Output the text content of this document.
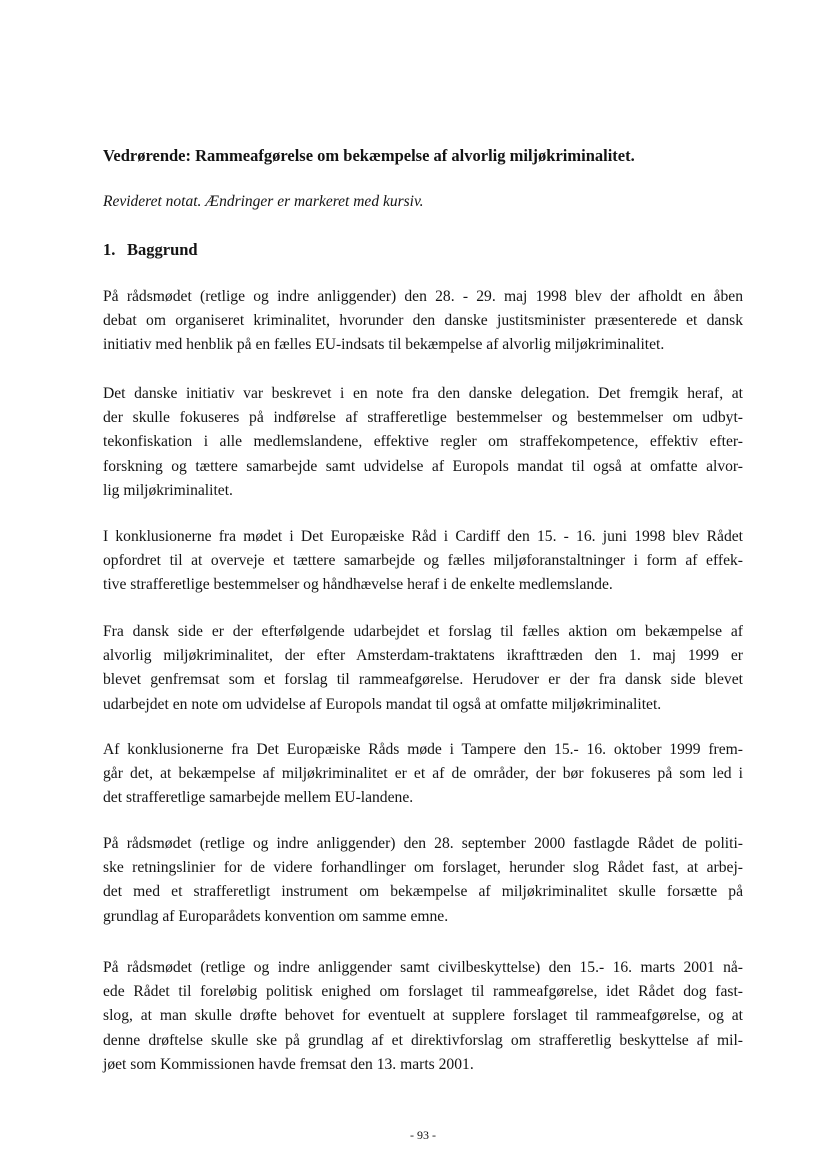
Vedrørende: Rammeafgørelse om bekæmpelse af alvorlig miljøkriminalitet.

Revideret notat. Ændringer er markeret med kursiv.

1. Baggrund

På rådsmødet (retlige og indre anliggender) den 28. - 29. maj 1998 blev der afholdt en åben
debat om organiseret kriminalitet, hvorunder den danske justitsminister præsenterede et dansk
initiativ med henblik på en fælles EU-indsats til bekæmpelse af alvorlig miljøkriminalitet.

Det danske initiativ var beskrevet i en note fra den danske delegation. Det fremgik heraf, at
der skulle fokuseres på indførelse af strafferetlige bestemmelser og bestemmelser om udbyt-
tekonfiskation i alle medlemslandene, effektive regler om straffekompetence, effektiv efter-
forskning og tættere samarbejde samt udvidelse af Europols mandat til også at omfatte alvor-
lig miljøkriminalitet.

I konklusionerne fra mødet i Det Europæiske Råd i Cardiff den 15. - 16. juni 1998 blev Rådet
opfordret til at overveje et tættere samarbejde og fælles miljøforanstaltninger i form af effek-
tive strafferetlige bestemmelser og håndhævelse heraf i de enkelte medlemslande.

Fra dansk side er der efterfølgende udarbejdet et forslag til fælles aktion om bekæmpelse af
alvorlig miljøkriminalitet, der efter Amsterdam-traktatens ikrafttræden den 1. maj 1999 er
blevet genfremsat som et forslag til rammeafgørelse. Herudover er der fra dansk side blevet
udarbejdet en note om udvidelse af Europols mandat til også at omfatte miljøkriminalitet.

Af konklusionerne fra Det Europæiske Råds møde i Tampere den 15.- 16. oktober 1999 frem-
går det, at bekæmpelse af miljøkriminalitet er et af de områder, der bør fokuseres på som led i
det strafferetlige samarbejde mellem EU-landene.

På rådsmødet (retlige og indre anliggender) den 28. september 2000 fastlagde Rådet de politi-
ske retningslinier for de videre forhandlinger om forslaget, herunder slog Rådet fast, at arbej-
det med et strafferetligt instrument om bekæmpelse af miljøkriminalitet skulle forsætte på
grundlag af Europarådets konvention om samme emne.

På rådsmødet (retlige og indre anliggender samt civilbeskyttelse) den 15.- 16. marts 2001 nå-
ede Rådet til foreløbig politisk enighed om forslaget til rammeafgørelse, idet Rådet dog fast-
slog, at man skulle drøfte behovet for eventuelt at supplere forslaget til rammeafgørelse, og at
denne drøftelse skulle ske på grundlag af et direktivforslag om strafferetlig beskyttelse af mil-
jøet som Kommissionen havde fremsat den 13. marts 2001.

- 93 -
